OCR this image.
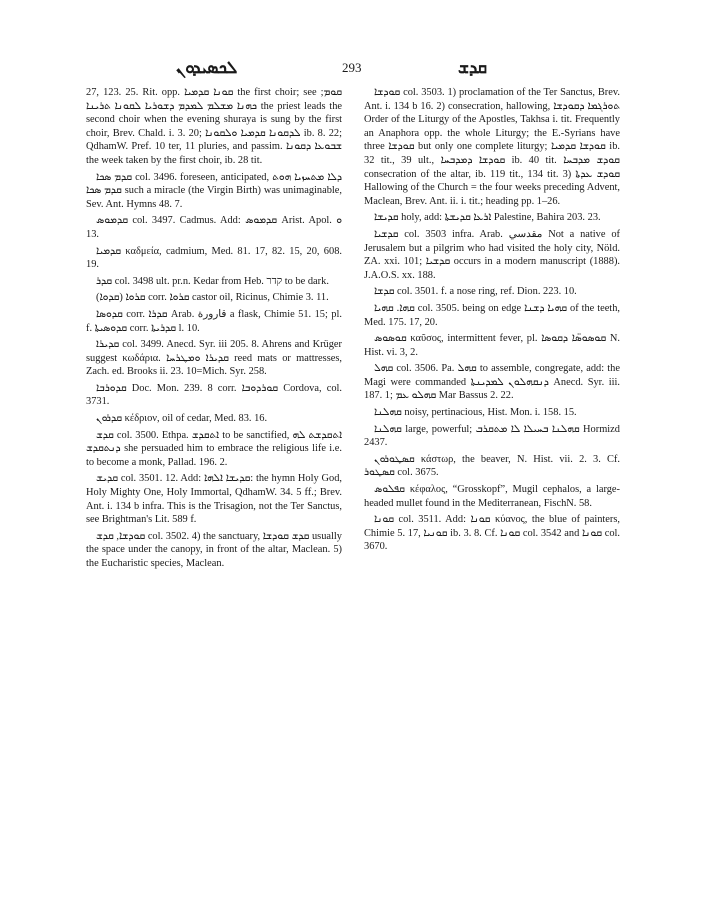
ܠܟܣܝܕܘܢ	293	ܩܕܫ

27, 123. 25. Rit. opp. ܩܘܢܐ ܩܕܡܝܐ the first choir; see ܩܘܡ; ܟܗܢܐ ܡܫܠܡ ܠܡܕܡ ܕܫܘܪܝܐ ܠܩܘܢܐ ܬܪܝܢܐ the priest leads the second choir when the evening shuraya is sung by the first choir, Brev. Chald. i. 3. 20; ܠܕܩܘܢܐ ܩܕܡܝܐ ܘܠܩܘܢܐ ib. 8. 22; QdhamW. Pref. 10 ter, 11 pluries, and passim. ܫܒܘܥܐ ܕܩܘܢܐ the week taken by the first choir, ib. 28 tit.

ܩܕܡ ܣܟܐ col. 3496. foreseen, anticipated, ܕܠܐ ܡܬܚܙܝܐ ܗܘܬ ܩܕܡ ܣܟܐ such a miracle (the Virgin Birth) was unimaginable, Sev. Ant. Hymns 48. 7.

ܩܕܡܘܣ col. 3497. Cadmus. Add: ܩܕܡܘܣ Arist. Apol. ܘ 13.

ܩܕܡܝܐ καδμεία, cadmium, Med. 81. 17, 82. 15, 20, 608. 19.

ܩܕܪ col. 3498 ult. pr.n. Kedar from Heb. קדר to be dark.

ܩܪܘܐ (ܩܕܘܐ) corr. ܩܪܘܐ castor oil, Ricinus, Chimie 3. 11.

ܩܕܘܣܐ corr. ܩܕܪܐ Arab. قارورة a flask, Chimie 51. 15; pl. f. ܩܕܘܣܝܬܐ corr. ܩܕܪܝܬܐ l. 10.

ܩܕܝܪܐ col. 3499. Anecd. Syr. iii 205. 8. Ahrens and Krüger suggest κωδάρια. ܩܕܝܪܐ ܘܡܛܪܚܐ reed mats or mattresses, Zach. ed. Brooks ii. 23. 10=Mich. Syr. 258.

ܩܕܘܪܒܐ Doc. Mon. 239. 8 corr. ܩܘܪܕܘܒܐ Cordova, col. 3731.

ܩܕܪܘܢ κέδριον, oil of cedar, Med. 83. 16.

ܩܕܫ col. 3500. Ethpa. ܐܬܩܕܫ to be sanctified, ܐܬܩܕܫܬ ܠܗ ܕܢܬܩܕܫ she persuaded him to embrace the religious life i.e. to become a monk, Pallad. 196. 2.

ܩܕܝܫ col. 3501. 12. Add: ܩܕܝܫܐ ܐܠܗܐ: the hymn Holy God, Holy Mighty One, Holy Immortal, QdhamW. 34. 5 ff.; Brev. Ant. i. 134 b infra. This is the Trisagion, not the Ter Sanctus, see Brightman's Lit. 589 f.

ܩܘܕܫܐ, ܩܕܫ col. 3502. 4) the sanctuary, ܩܕܫ ܩܘܕܫܐ usually the space under the canopy, in front of the altar, Maclean. 5) the Eucharistic species, Maclean.

ܩܘܕܫܐ col. 3503. 1) proclamation of the Ter Sanctus, Brev. Ant. i. 134 b 16. 2) consecration, hallowing, ܬܘܪܓܡܐ ܕܩܘܕܫܐ Order of the Liturgy of the Apostles, Takhsa i. tit. Frequently an Anaphora opp. the whole Liturgy; the E.-Syrians have three ܩܘܕܫܐ but only one complete liturgy; ܩܘܕܫܐ ܩܕܡܝܐ ib. 32 tit., 39 ult., ܩܘܕܫܐ ܕܡܕܒܚܐ ib. 40 tit. ܩܘܕܫ ܡܕܒܚܐ consecration of the altar, ib. 119 tit., 134 tit. 3) ܩܘܕܫ ܥܕܬܐ Hallowing of the Church = the four weeks preceding Advent, Maclean, Brev. Ant. ii. i. tit.; heading pp. 1–26.

ܩܕܝܫܐ holy, add: ܐܪܥܐ ܩܕܝܫܬܐ Palestine, Bahira 203. 23.

ܩܕܫܝܐ col. 3503 infra. Arab. مقدسي Not a native of Jerusalem but a pilgrim who had visited the holy city, Nöld. ZA. xxi. 101; ܩܕܫܝܐ occurs in a modern manuscript (1888). J.A.O.S. xx. 188.

ܩܕܫܐ col. 3501. f. a nose ring, ref. Dion. 223. 10.

ܩܗܐ. ܩܗܝܐ col. 3505. being on edge ܩܗܝܐ ܕܫܢܐ of the teeth, Med. 175. 17, 20.

ܩܘܣܘܣ καῦσος, intermittent fever, pl. ܩܘܣܘܣ̈ܐ ܕܩܘܣܐ N. Hist. vi. 3, 2.

ܩܗܠ col. 3506. Pa. ܩܗܠ to assemble, congregate, add: the Magi were commanded ܕܢܩܗܠܘܢ ܠܡܕܝܢܬܐ Anecd. Syr. iii. 187. 1; ܩܗܠܘ ܥܡ Mar Bassus 2. 22.

ܩܗܠܢܐ noisy, pertinacious, Hist. Mon. i. 158. 15.

ܩܗܠܢܐ large, powerful; ܩܗܠܢܐ ܒܚܝܠܐ ܠܐ ܡܬܩܪܒ Hormizd 2437.

ܩܣܛܘܪܘܢ κάστωρ, the beaver, N. Hist. vii. 2. 3. Cf. ܩܣܛܘܪ col. 3675.

ܩܦܠܘܣ κέφαλος, “Grosskopf”, Mugil cephalos, a large-headed mullet found in the Mediterranean, FischN. 58.

ܩܘܢܐ col. 3511. Add: ܩܘܢܐ κύανος, the blue of painters, Chimie 5. 17, ܩܘܢܝܐ ib. 3. 8. Cf. ܩܘܢܐ col. 3542 and ܩܘܢܐ col. 3670.
